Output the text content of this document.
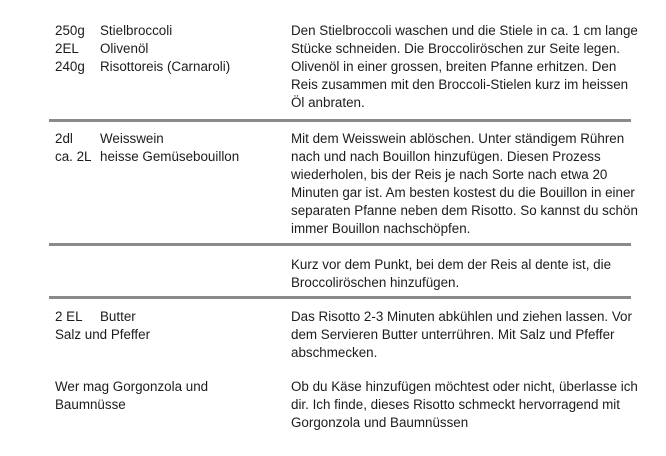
250g	Stielbroccoli
2EL	Olivenöl
240g	Risottoreis (Carnaroli)
Den Stielbroccoli waschen und die Stiele in ca. 1 cm lange Stücke schneiden. Die Broccoliröschen zur Seite legen. Olivenöl in einer grossen, breiten Pfanne erhitzen. Den Reis zusammen mit den Broccoli-Stielen kurz im heissen Öl anbraten.
2dl	Weisswein
ca. 2L heisse Gemüsebouillon
Mit dem Weisswein ablöschen. Unter ständigem Rühren nach und nach Bouillon hinzufügen. Diesen Prozess wiederholen, bis der Reis je nach Sorte nach etwa 20 Minuten gar ist. Am besten kostest du die Bouillon in einer separaten Pfanne neben dem Risotto. So kannst du schön immer Bouillon nachschöpfen.
Kurz vor dem Punkt, bei dem der Reis al dente ist, die Broccoliröschen hinzufügen.
2 EL	Butter
Salz und Pfeffer
Das Risotto 2-3 Minuten abkühlen und ziehen lassen. Vor dem Servieren Butter unterrühren. Mit Salz und Pfeffer abschmecken.
Wer mag Gorgonzola und Baumnüsse
Ob du Käse hinzufügen möchtest oder nicht, überlasse ich dir. Ich finde, dieses Risotto schmeckt hervorragend mit Gorgonzola und Baumnüssen
